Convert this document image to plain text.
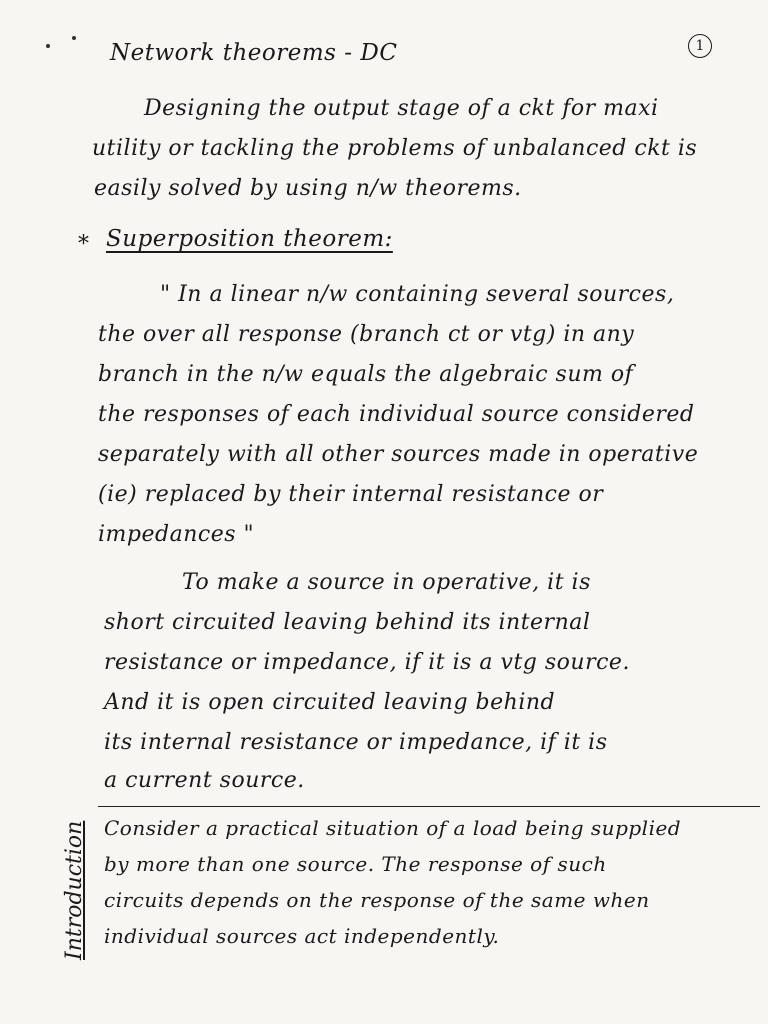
Network theorems - DC	1
Designing the output stage of a ckt for maxi
utility or tackling the problems of unbalanced ckt is
easily solved by using n/w theorems.
* Superposition theorem:
" In a linear n/w containing several sources,
the over all response (branch ct or vtg) in any
branch in the n/w equals the algebraic sum of
the responses of each individual source considered
separately with all other sources made in operative
(ie) replaced by their internal resistance or
impedances "
To make a source in operative, it is
short circuited leaving behind its internal
resistance or impedance, if it is a vtg source.
And it is open circuited leaving behind
its internal resistance or impedance, if it is
a current source.
Introduction Consider a practical situation of a load being supplied
by more than one source. The response of such
circuits depends on the response of the same when
individual sources act independently.
